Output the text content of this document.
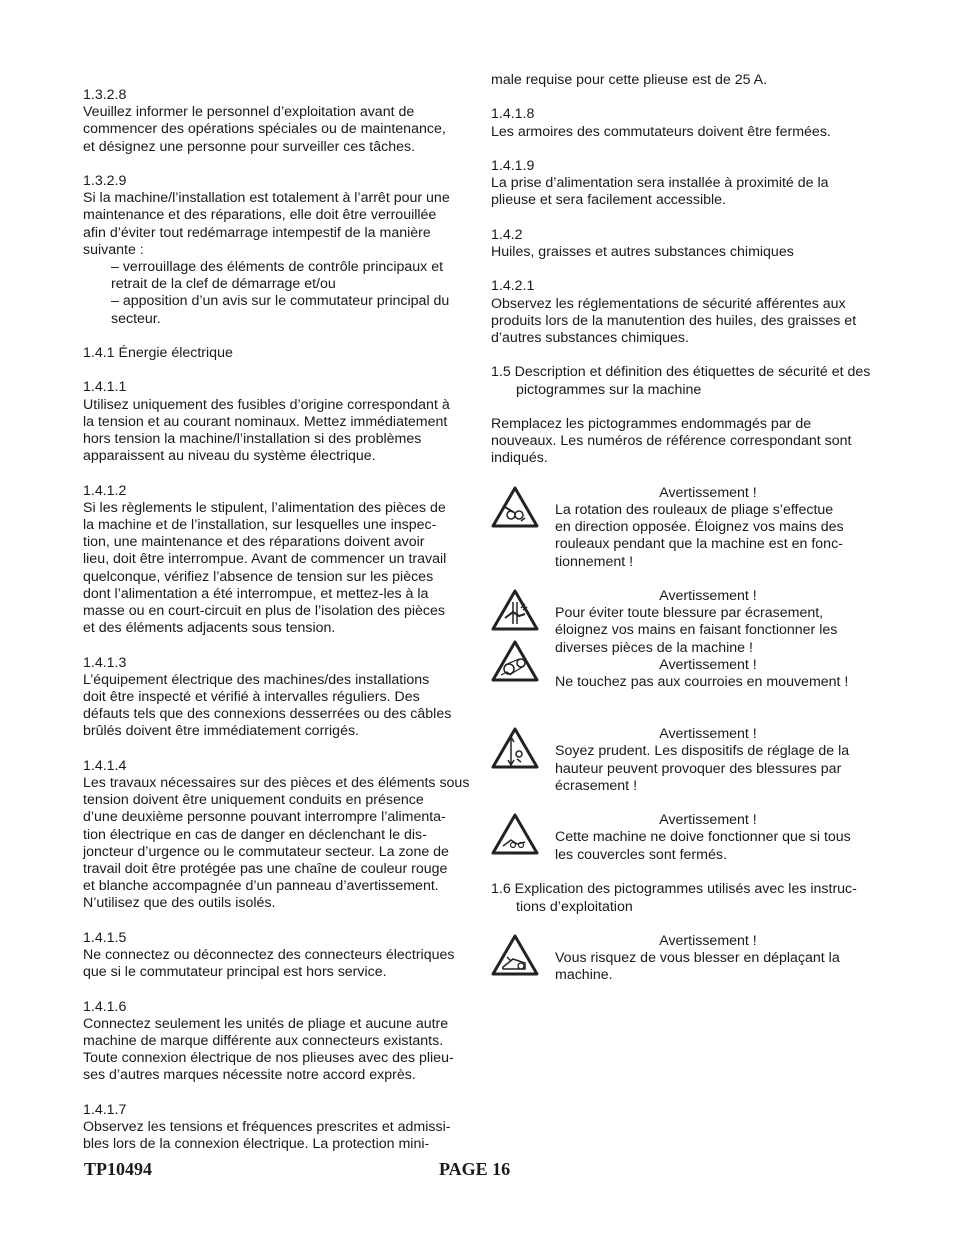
1.3.2.8
Veuillez informer le personnel d’exploitation avant de
commencer des opérations spéciales ou de maintenance,
et désignez une personne pour surveiller ces tâches.
1.3.2.9
Si la machine/l’installation est totalement à l’arrêt pour une
maintenance et des réparations, elle doit être verrouillée
afin d’éviter tout redémarrage intempestif de la manière
suivante :
– verrouillage des éléments de contrôle principaux et
retrait de la clef de démarrage et/ou
– apposition d’un avis sur le commutateur principal du
secteur.
1.4.1 Énergie électrique
1.4.1.1
Utilisez uniquement des fusibles d’origine correspondant à
la tension et au courant nominaux. Mettez immédiatement
hors tension la machine/l’installation si des problèmes
apparaissent au niveau du système électrique.
1.4.1.2
Si les règlements le stipulent, l’alimentation des pièces de
la machine et de l’installation, sur lesquelles une inspec-
tion, une maintenance et des réparations doivent avoir
lieu, doit être interrompue. Avant de commencer un travail
quelconque, vérifiez l’absence de tension sur les pièces
dont l’alimentation a été interrompue, et mettez-les à la
masse ou en court-circuit en plus de l’isolation des pièces
et des éléments adjacents sous tension.
1.4.1.3
L’équipement électrique des machines/des installations
doit être inspecté et vérifié à intervalles réguliers. Des
défauts tels que des connexions desserrées ou des câbles
brûlés doivent être immédiatement corrigés.
1.4.1.4
Les travaux nécessaires sur des pièces et des éléments sous
tension doivent être uniquement conduits en présence
d’une deuxième personne pouvant interrompre l’alimenta-
tion électrique en cas de danger en déclenchant le dis-
joncteur d’urgence ou le commutateur secteur. La zone de
travail doit être protégée pas une chaîne de couleur rouge
et blanche accompagnée d’un panneau d’avertissement.
N’utilisez que des outils isolés.
1.4.1.5
Ne connectez ou déconnectez des connecteurs électriques
que si le commutateur principal est hors service.
1.4.1.6
Connectez seulement les unités de pliage et aucune autre
machine de marque différente aux connecteurs existants.
Toute connexion électrique de nos plieuses avec des plieu-
ses d’autres marques nécessite notre accord exprès.
1.4.1.7
Observez les tensions et fréquences prescrites et admissi-
bles lors de la connexion électrique. La protection mini-
male requise pour cette plieuse est de 25 A.
1.4.1.8
Les armoires des commutateurs doivent être fermées.
1.4.1.9
La prise d’alimentation sera installée à proximité de la
plieuse et sera facilement accessible.
1.4.2
Huiles, graisses et autres substances chimiques
1.4.2.1
Observez les réglementations de sécurité afférentes aux
produits lors de la manutention des huiles, des graisses et
d’autres substances chimiques.
1.5 Description et définition des étiquettes de sécurité et des pictogrammes sur la machine
Remplacez les pictogrammes endommagés par de
nouveaux. Les numéros de référence correspondant sont
indiqués.
Avertissement !
La rotation des rouleaux de pliage s’effectue
en direction opposée. Éloignez vos mains des
rouleaux pendant que la machine est en fonc-
tionnement !
Avertissement !
Pour éviter toute blessure par écrasement,
éloignez vos mains en faisant fonctionner les
diverses pièces de la machine !
Avertissement !
Ne touchez pas aux courroies en mouvement !
Avertissement !
Soyez prudent. Les dispositifs de réglage de la
hauteur peuvent provoquer des blessures par
écrasement !
Avertissement !
Cette machine ne doive fonctionner que si tous
les couvercles sont fermés.
1.6 Explication des pictogrammes utilisés avec les instruc-
tions d’exploitation
Avertissement !
Vous risquez de vous blesser en déplaçant la
machine.
TP10494	PAGE 16
